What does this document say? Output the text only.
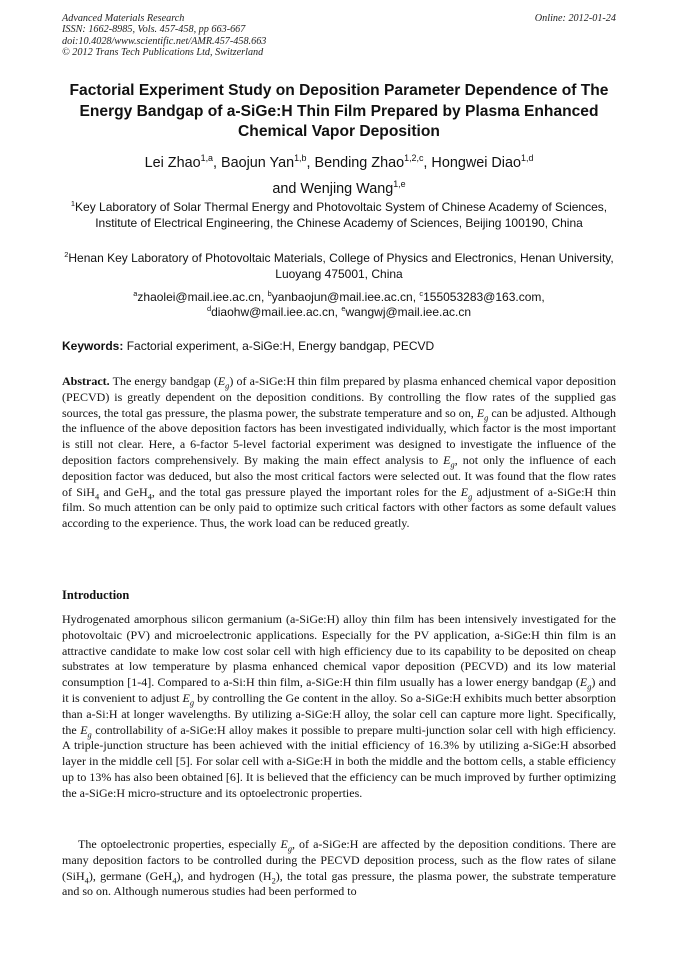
Advanced Materials Research
ISSN: 1662-8985, Vols. 457-458, pp 663-667
doi:10.4028/www.scientific.net/AMR.457-458.663
© 2012 Trans Tech Publications Ltd, Switzerland
Online: 2012-01-24
Factorial Experiment Study on Deposition Parameter Dependence of The Energy Bandgap of a-SiGe:H Thin Film Prepared by Plasma Enhanced Chemical Vapor Deposition
Lei Zhao$^{1,a}$, Baojun Yan$^{1,b}$, Bending Zhao$^{1,2,c}$, Hongwei Diao$^{1,d}$
and Wenjing Wang$^{1,e}$
$^1$Key Laboratory of Solar Thermal Energy and Photovoltaic System of Chinese Academy of Sciences, Institute of Electrical Engineering, the Chinese Academy of Sciences, Beijing 100190, China
$^2$Henan Key Laboratory of Photovoltaic Materials, College of Physics and Electronics, Henan University, Luoyang 475001, China
$^a$zhaolei@mail.iee.ac.cn, $^b$yanbaojun@mail.iee.ac.cn, $^c$155053283@163.com,
$^d$diaohw@mail.iee.ac.cn, $^e$wangwj@mail.iee.ac.cn
Keywords: Factorial experiment, a-SiGe:H, Energy bandgap, PECVD

Abstract. The energy bandgap $(E_g)$ of a-SiGe:H thin film prepared by plasma enhanced chemical vapor deposition (PECVD) is greatly dependent on the deposition conditions. By controlling the flow rates of the supplied gas sources, the total gas pressure, the plasma power, the substrate temperature and so on, $E_g$ can be adjusted. Although the influence of the above deposition factors has been investigated individually, which factor is the most important is still not clear. Here, a 6-factor 5-level factorial experiment was designed to investigate the influence of the deposition factors comprehensively. By making the main effect analysis to $E_g$, not only the influence of each deposition factor was deduced, but also the most critical factors were selected out. It was found that the flow rates of SiH$_4$ and GeH$_4$, and the total gas pressure played the important roles for the $E_g$ adjustment of a-SiGe:H thin film. So much attention can be only paid to optimize such critical factors with other factors as some default values according to the experience. Thus, the work load can be reduced greatly.

Introduction

Hydrogenated amorphous silicon germanium (a-SiGe:H) alloy thin film has been intensively investigated for the photovoltaic (PV) and microelectronic applications. Especially for the PV application, a-SiGe:H thin film is an attractive candidate to make low cost solar cell with high efficiency due to its capability to be deposited on cheap substrates at low temperature by plasma enhanced chemical vapor deposition (PECVD) and its low material consumption [1-4]. Compared to a-Si:H thin film, a-SiGe:H thin film usually has a lower energy bandgap $(E_g)$ and it is convenient to adjust $E_g$ by controlling the Ge content in the alloy. So a-SiGe:H exhibits much better absorption than a-Si:H at longer wavelengths. By utilizing a-SiGe:H alloy, the solar cell can capture more light. Specifically, the $E_g$ controllability of a-SiGe:H alloy makes it possible to prepare multi-junction solar cell with high efficiency. A triple-junction structure has been achieved with the initial efficiency of 16.3% by utilizing a-SiGe:H absorbed layer in the middle cell [5]. For solar cell with a-SiGe:H in both the middle and the bottom cells, a stable efficiency up to 13% has also been obtained [6]. It is believed that the efficiency can be much improved by further optimizing the a-SiGe:H micro-structure and its optoelectronic properties.

The optoelectronic properties, especially $E_g$, of a-SiGe:H are affected by the deposition conditions. There are many deposition factors to be controlled during the PECVD deposition process, such as the flow rates of silane (SiH$_4$), germane (GeH$_4$), and hydrogen $(H_2)$, the total gas pressure, the plasma power, the substrate temperature and so on. Although numerous studies had been performed to
